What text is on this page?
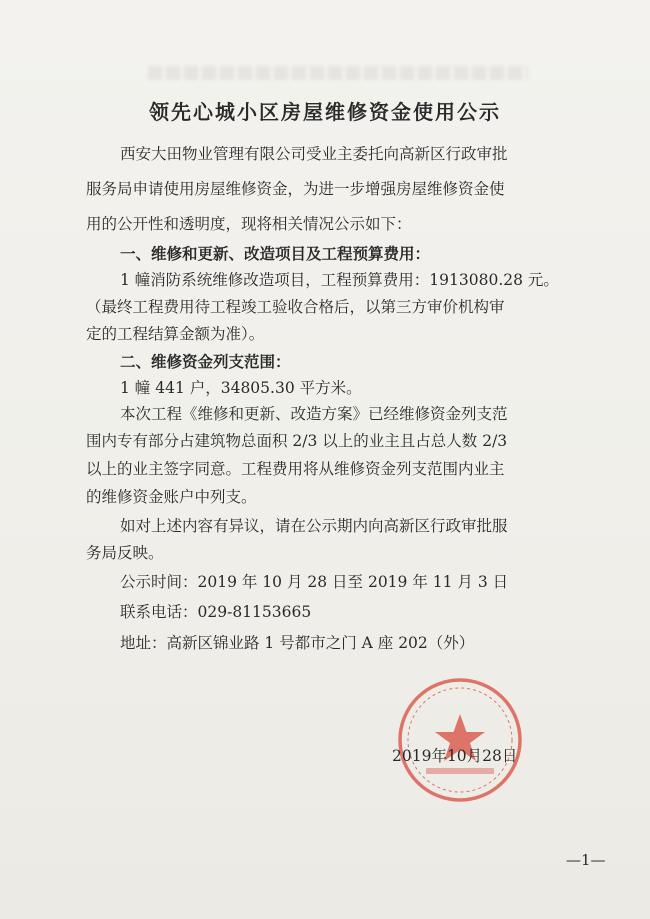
领先心城小区房屋维修资金使用公示
西安大田物业管理有限公司受业主委托向高新区行政审批
服务局申请使用房屋维修资金，为进一步增强房屋维修资金使
用的公开性和透明度，现将相关情况公示如下：
一、维修和更新、改造项目及工程预算费用：
1 幢消防系统维修改造项目，工程预算费用：1913080.28 元。
（最终工程费用待工程竣工验收合格后，以第三方审价机构审
定的工程结算金额为准）。
二、维修资金列支范围：
1 幢 441 户，34805.30 平方米。
本次工程《维修和更新、改造方案》已经维修资金列支范
围内专有部分占建筑物总面积 2/3 以上的业主且占总人数 2/3
以上的业主签字同意。工程费用将从维修资金列支范围内业主
的维修资金账户中列支。
如对上述内容有异议，请在公示期内向高新区行政审批服
务局反映。
公示时间：2019 年 10 月 28 日至 2019 年 11 月 3 日
联系电话：029-81153665
地址：高新区锦业路 1 号都市之门 A 座 202（外）
2019年10月28日
—1—
